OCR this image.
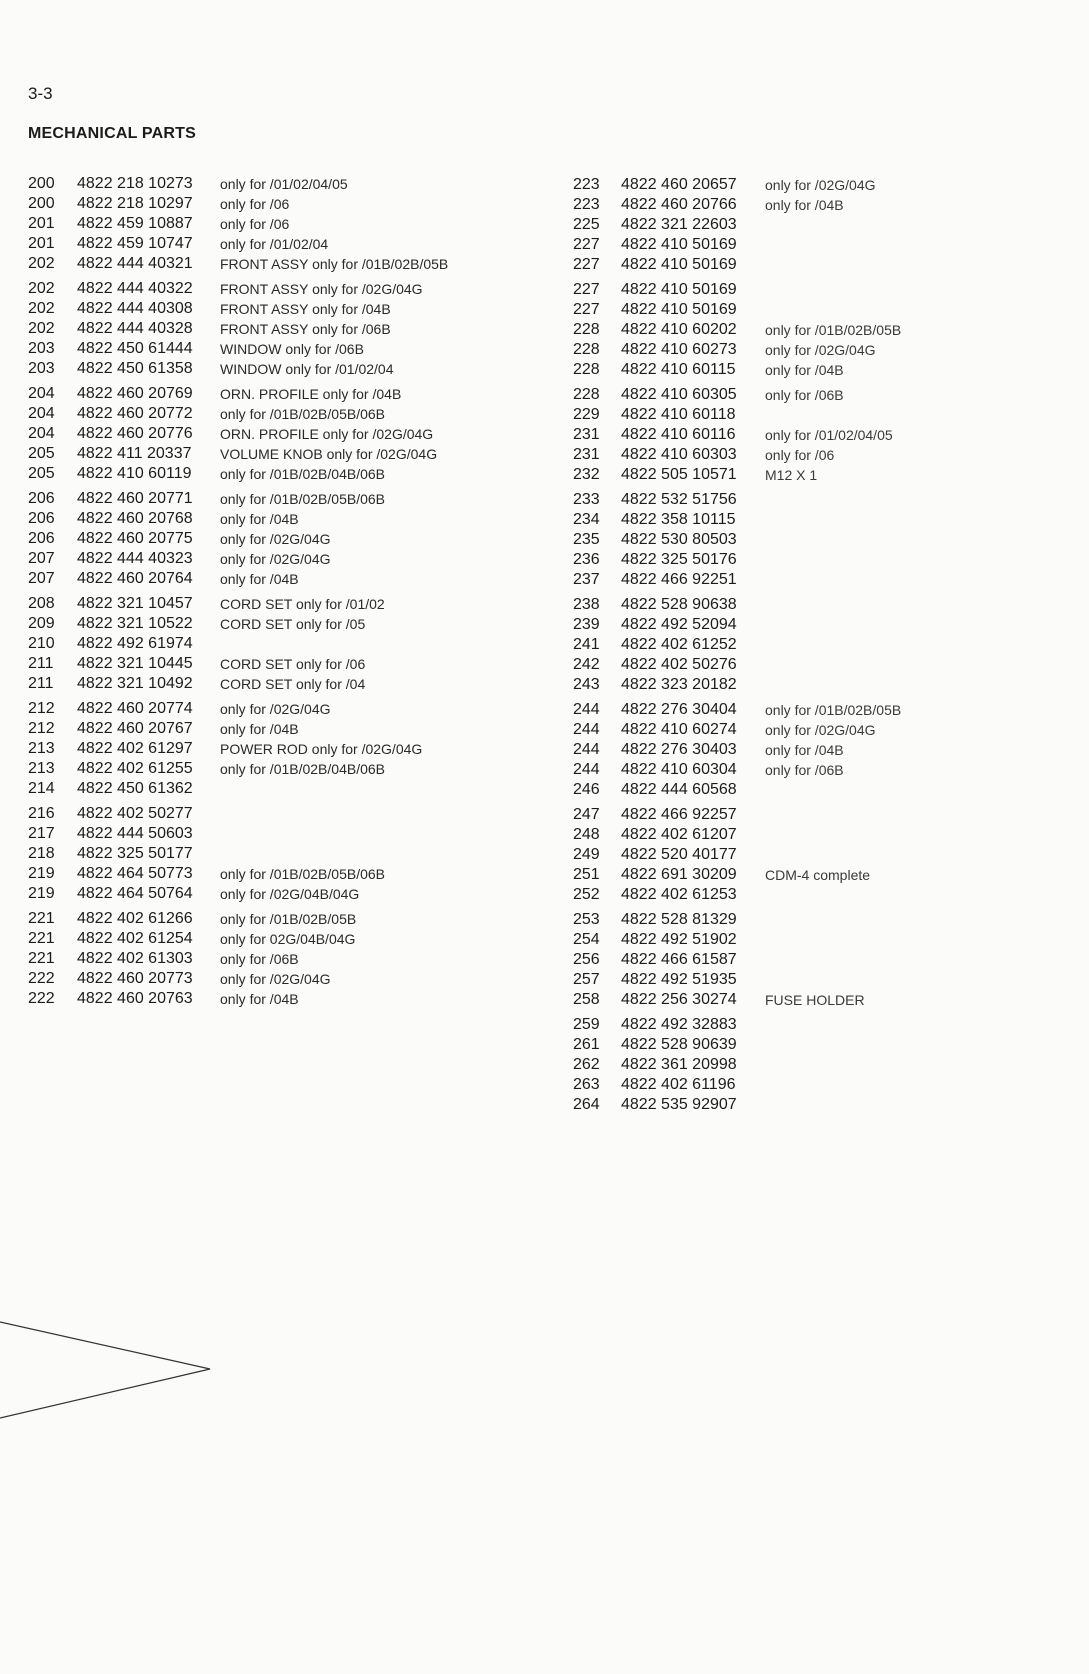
3-3
MECHANICAL PARTS
200	4822 218 10273	only for /01/02/04/05
200	4822 218 10297	only for /06
201	4822 459 10887	only for /06
201	4822 459 10747	only for /01/02/04
202	4822 444 40321	FRONT ASSY only for /01B/02B/05B
202	4822 444 40322	FRONT ASSY only for /02G/04G
202	4822 444 40308	FRONT ASSY only for /04B
202	4822 444 40328	FRONT ASSY only for /06B
203	4822 450 61444	WINDOW only for /06B
203	4822 450 61358	WINDOW only for /01/02/04
204	4822 460 20769	ORN. PROFILE only for /04B
204	4822 460 20772	only for /01B/02B/05B/06B
204	4822 460 20776	ORN. PROFILE only for /02G/04G
205	4822 411 20337	VOLUME KNOB only for /02G/04G
205	4822 410 60119	only for /01B/02B/04B/06B
206	4822 460 20771	only for /01B/02B/05B/06B
206	4822 460 20768	only for /04B
206	4822 460 20775	only for /02G/04G
207	4822 444 40323	only for /02G/04G
207	4822 460 20764	only for /04B
208	4822 321 10457	CORD SET only for /01/02
209	4822 321 10522	CORD SET only for /05
210	4822 492 61974
211	4822 321 10445	CORD SET only for /06
211	4822 321 10492	CORD SET only for /04
212	4822 460 20774	only for /02G/04G
212	4822 460 20767	only for /04B
213	4822 402 61297	POWER ROD only for /02G/04G
213	4822 402 61255	only for /01B/02B/04B/06B
214	4822 450 61362
216	4822 402 50277
217	4822 444 50603
218	4822 325 50177
219	4822 464 50773	only for /01B/02B/05B/06B
219	4822 464 50764	only for /02G/04B/04G
221	4822 402 61266	only for /01B/02B/05B
221	4822 402 61254	only for 02G/04B/04G
221	4822 402 61303	only for /06B
222	4822 460 20773	only for /02G/04G
222	4822 460 20763	only for /04B
223	4822 460 20657	only for /02G/04G
223	4822 460 20766	only for /04B
225	4822 321 22603
227	4822 410 50169
227	4822 410 50169
227	4822 410 50169
227	4822 410 50169
228	4822 410 60202	only for /01B/02B/05B
228	4822 410 60273	only for /02G/04G
228	4822 410 60115	only for /04B
228	4822 410 60305	only for /06B
229	4822 410 60118
231	4822 410 60116	only for /01/02/04/05
231	4822 410 60303	only for /06
232	4822 505 10571	M12 X 1
233	4822 532 51756
234	4822 358 10115
235	4822 530 80503
236	4822 325 50176
237	4822 466 92251
238	4822 528 90638
239	4822 492 52094
241	4822 402 61252
242	4822 402 50276
243	4822 323 20182
244	4822 276 30404	only for /01B/02B/05B
244	4822 410 60274	only for /02G/04G
244	4822 276 30403	only for /04B
244	4822 410 60304	only for /06B
246	4822 444 60568
247	4822 466 92257
248	4822 402 61207
249	4822 520 40177
251	4822 691 30209	CDM-4 complete
252	4822 402 61253
253	4822 528 81329
254	4822 492 51902
256	4822 466 61587
257	4822 492 51935
258	4822 256 30274	FUSE HOLDER
259	4822 492 32883
261	4822 528 90639
262	4822 361 20998
263	4822 402 61196
264	4822 535 92907
